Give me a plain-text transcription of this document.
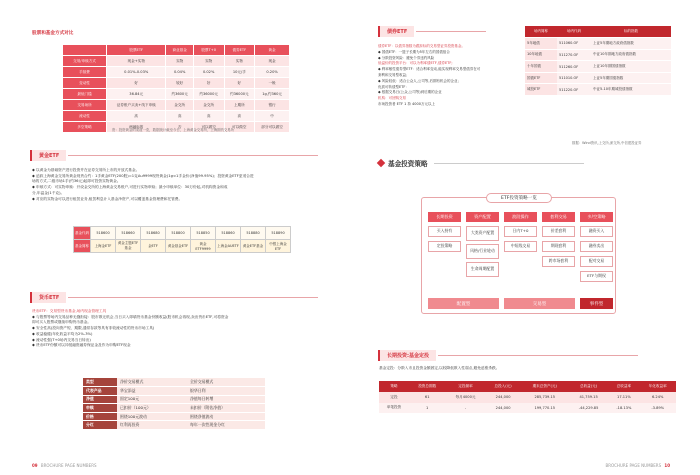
股票和基金方式对比
	股票ETF	商业基金	股票T+0	债券ETF	黄金
交易/申赎方式	现金+实物	实物	实物	实物	现金
手续费	0.01%-0.03%	0.04%	0.02%	10元/手	0.20%
变动性	好	较好	好	好	一般
最低门槛	36.84元	约3600元	约36000元	约36000元	1g,约360元
交易场所	证券账户买卖+线下申赎	金交所	金交所	上期所	银行
流动性	高	高	高	高	中
多空策略	两融标的	否	可以做空	可以做空	部分可以做空
资：投资黄金的渠道一览，数据统计截至今日，上海黄金交易所，上海期货交易所
黄金ETF
◆ 以黄金为基础资产进行投资并在证券交易所上市的开放式基金。
◆ 追踪上海黄金交易所黄金现货合约：1手黄金ETF(200股)=1克Au9999现货黄金(1g≈1手金价(净值99.95%)；投资黄金ETF更适合进
场的方式,二级市场1手(约36元)起即可投资实物黄金。
◆ 申赎方式：可实物申赎：开设金交所的上海黄金交易账户,可进行实物申赎；最小申赎单位：30万份起,对机构资金和成
分,年溢金(1千克)。
◆ 对应的实物金可以进行租赁业务,租赁利息计入基金净资产,可以覆盖基金管理费和托管费。
基金代码	518600	518660	518680	518800	518850	518860	518880	518890
基金简称	上海金ETF	黄金主题ETF基金	金ETF	黄金基金ETF	黄金ETF9999	上海金AUETF	黄金ETF基金	中银上海金ETF
货币ETF
货币ETF：交易型货币基金,场内现金管理工具
◆ 与股票等场内交易品种无缝衔接：股市散无机会,当日买入即填货币基金份额收益(股市机会再现,卖出货币ETF,可将资金
即可买入股票或继续申购货币基金。
◆ 安全性高(投向资产短、期限,通常存款等具有非较流动性的货币市场工具)
◆ 收益稳健(年化收益平均为2%-3%)
◆ 流动性强(T+0场内交易当日转出)
◆ 货币ETF份额可以冲抵融资融券保证金及作为申购ETF现金
类型	净价交易模式	全价交易模式
代表产品	华宝添益	银华日利
净值	固定100元	净值每日转增
申赎	已扣价（100元）	未扣价（附估净值）
价格	围绕100元波动	围绕净值波动
分红	红利再投资	每年一次性现金分红
09 BROCHURE PAGE NUMBERS
债券ETF
债券ETF：以债券指数为跟踪标的交易型证券投资基金。
◆ 国债ETF：一篮子长期为5年左右的国债组合
◆ 分散投资风险：避免个券违约风险
低溢价的投资平台：可以为利率债ETF,债券ETF;
◆ 利率敏性债券型ETF：适合利率变动,能实现利率交易型债券在可
套利和交易型收益；
◆ 风险较低：适合公众人,公司等,后期有机会的企业；
优质可转债型ETF：
◆ 根据交易日(公众,公司等)到后期的企业
机构：可回购交易
市场投资者 ETF 1 持 4000万元以上
场内简称	场内代码	标的指数
5年地债	511060.OF	上证5年期地方政府债指数
10年地债	511270.OF	中证10年期地方政府债指数
十年国债	511260.OF	上证10年期国债指数
国债ETF	511010.OF	上证5年期国债指数
城投ETF	511220.OF	中证5-10年期城投债指数
数据：Wind资讯,上交所,深交所,中信建投证券
基金投资策略
ETF投资策略一览
长期投资
买入持有
定投策略
资产配置
大类资产配置
风格/行业轮动
生命周期配置
波段操作
日内T+0
中短线交易
套利交易
价差套利
期现套利
跨市场套利
多/空策略
融资买入
融券卖出
配对交易
ETF与期权
配置型	交易型	事件型
长期投资:基金定投
基金定投：分散入市且投资金额固定,以较降低散入性弱点,避免追涨杀跌。
策略	投资总期数	定投频率	总投入(元)	期末总资产(元)	总收益(元)	总收益率	年化收益率
定投	61	每月4000元	244,000	285,739.15	41,759.15	17.11%	6.24%
单笔投资	1	-	244,000	199,770.15	-44,229.85	-18.13%	-3.89%
BROCHURE PAGE NUMBERS 10
